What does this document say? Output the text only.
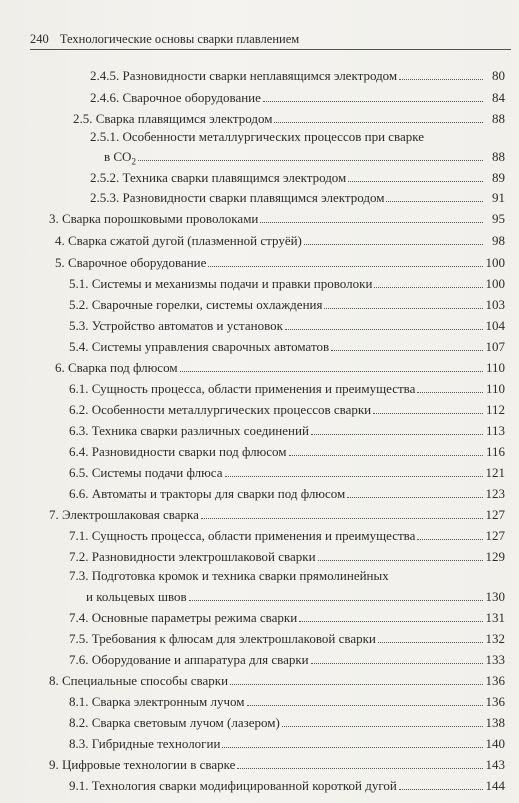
240 Технологические основы сварки плавлением
2.4.5. Разновидности сварки неплавящимся электродом	80
2.4.6. Сварочное оборудование	84
2.5. Сварка плавящимся электродом	88
2.5.1. Особенности металлургических процессов при сварке
в $CO_2$	88
2.5.2. Техника сварки плавящимся электродом	89
2.5.3. Разновидности сварки плавящимся электродом	91
3. Сварка порошковыми проволоками	95
4. Сварка сжатой дугой (плазменной струёй)	98
5. Сварочное оборудование	100
5.1. Системы и механизмы подачи и правки проволоки	100
5.2. Сварочные горелки, системы охлаждения	103
5.3. Устройство автоматов и установок	104
5.4. Системы управления сварочных автоматов	107
6. Сварка под флюсом	110
6.1. Сущность процесса, области применения и преимущества	110
6.2. Особенности металлургических процессов сварки	112
6.3. Техника сварки различных соединений	113
6.4. Разновидности сварки под флюсом	116
6.5. Системы подачи флюса	121
6.6. Автоматы и тракторы для сварки под флюсом	123
7. Электрошлаковая сварка	127
7.1. Сущность процесса, области применения и преимущества	127
7.2. Разновидности электрошлаковой сварки	129
7.3. Подготовка кромок и техника сварки прямолинейных
и кольцевых швов	130
7.4. Основные параметры режима сварки	131
7.5. Требования к флюсам для электрошлаковой сварки	132
7.6. Оборудование и аппаратура для сварки	133
8. Специальные способы сварки	136
8.1. Сварка электронным лучом	136
8.2. Сварка световым лучом (лазером)	138
8.3. Гибридные технологии	140
9. Цифровые технологии в сварке	143
9.1. Технология сварки модифицированной короткой дугой	144
